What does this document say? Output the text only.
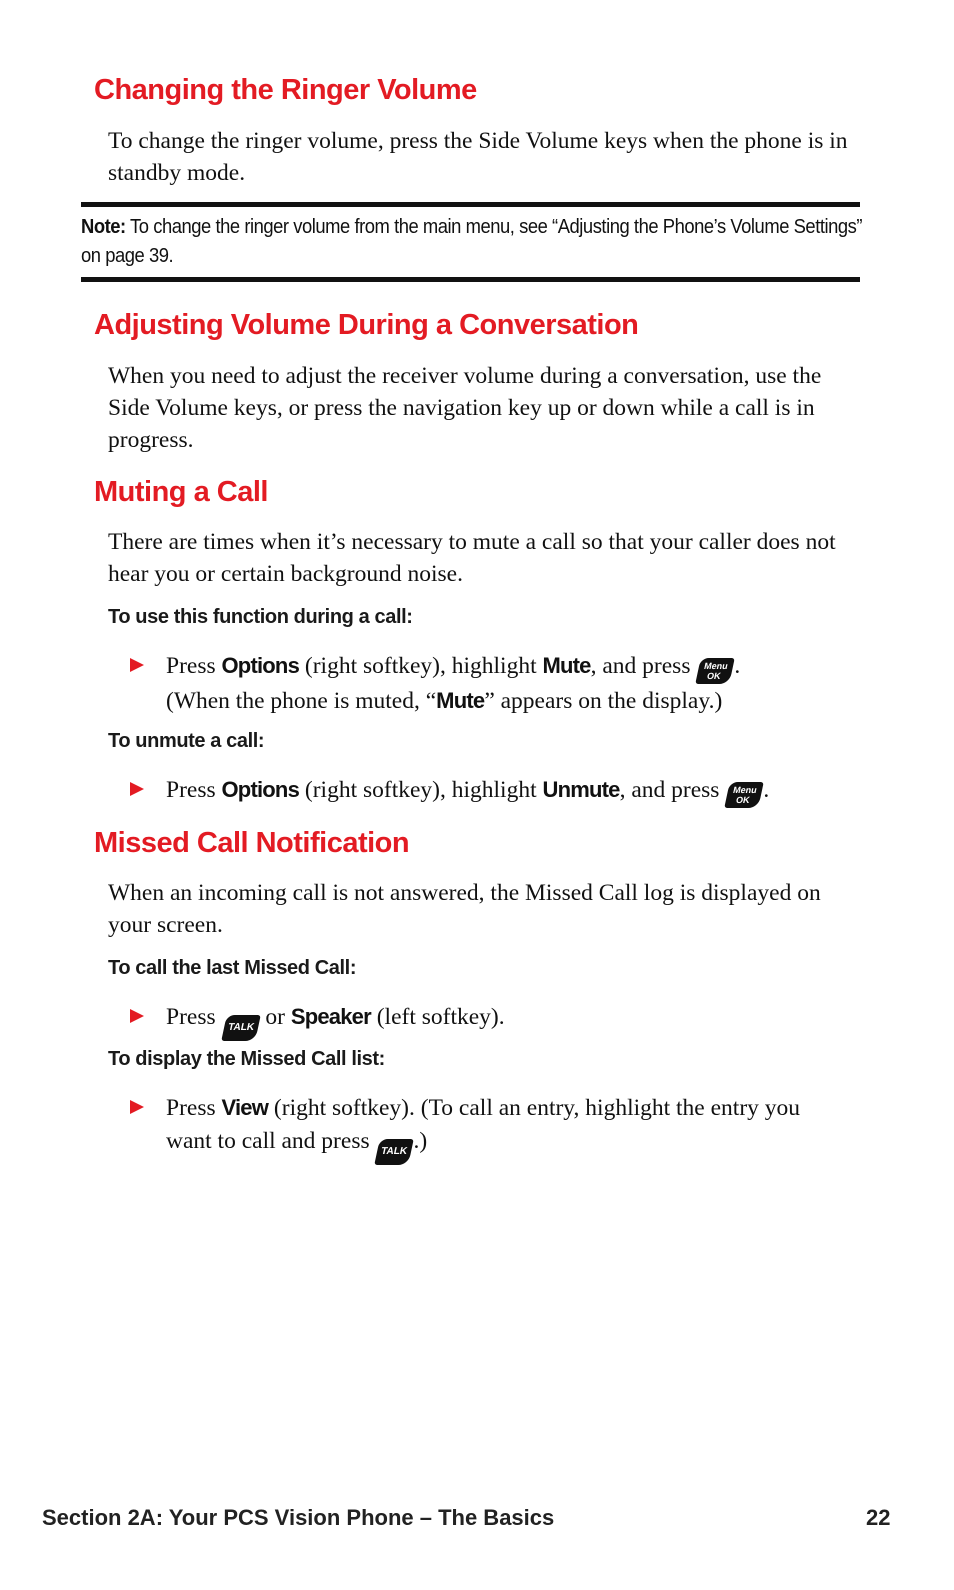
Changing the Ringer Volume

To change the ringer volume, press the Side Volume keys when the phone is in standby mode.

Note: To change the ringer volume from the main menu, see “Adjusting the Phone’s Volume Settings” on page 39.

Adjusting Volume During a Conversation

When you need to adjust the receiver volume during a conversation, use the Side Volume keys, or press the navigation key up or down while a call is in progress.

Muting a Call

There are times when it’s necessary to mute a call so that your caller does not hear you or certain background noise.

To use this function during a call:

Press Options (right softkey), highlight Mute, and press Menu
OK .
(When the phone is muted, “Mute” appears on the display.)

To unmute a call:

Press Options (right softkey), highlight Unmute, and press Menu
OK .
Missed Call Notification

When an incoming call is not answered, the Missed Call log is displayed on your screen.

To call the last Missed Call:

Press TALK or Speaker (left softkey).

To display the Missed Call list:

Press View (right softkey). (To call an entry, highlight the entry you want to call and press TALK .)
Section 2A: Your PCS Vision Phone – The Basics	22
